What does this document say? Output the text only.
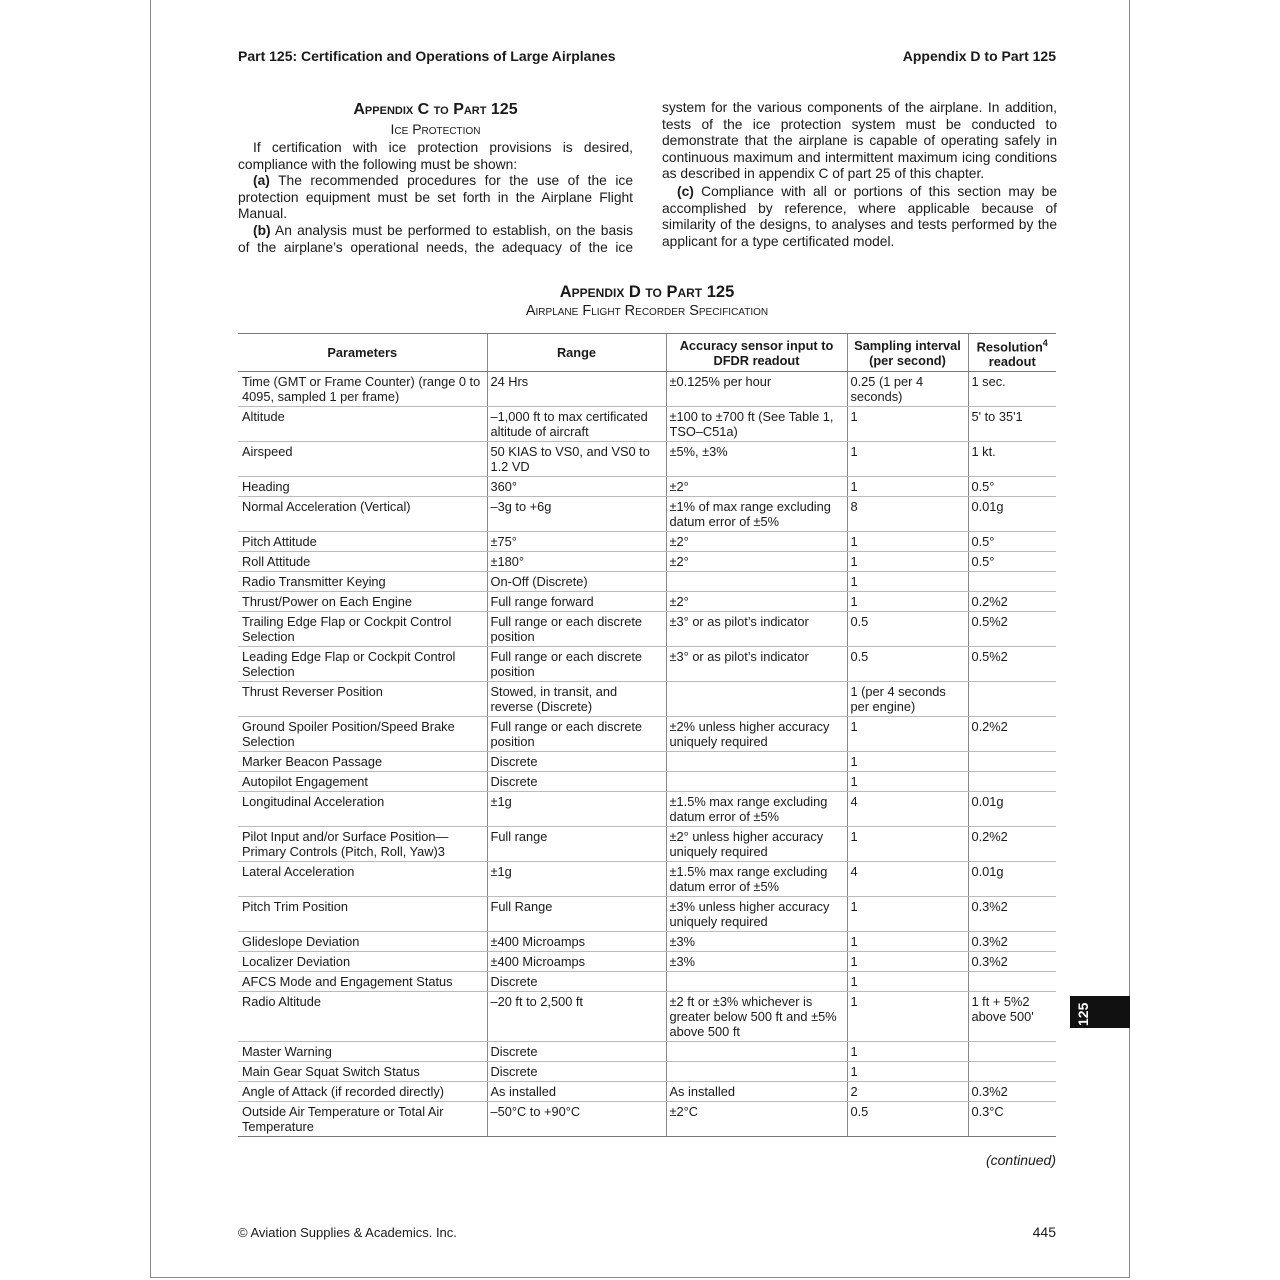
Part 125: Certification and Operations of Large Airplanes	Appendix D to Part 125
Appendix C to Part 125
Ice Protection

If certification with ice protection provisions is desired, compliance with the following must be shown:

(a) The recommended procedures for the use of the ice protection equipment must be set forth in the Airplane Flight Manual.

(b) An analysis must be performed to establish, on the basis of the airplane’s operational needs, the adequacy of the ice

system for the various components of the airplane. In addition, tests of the ice protection system must be conducted to demonstrate that the airplane is capable of operating safely in continuous maximum and intermittent maximum icing conditions as described in appendix C of part 25 of this chapter.

(c) Compliance with all or portions of this section may be accomplished by reference, where applicable because of similarity of the designs, to analyses and tests performed by the applicant for a type certificated model.

Appendix D to Part 125
Airplane Flight Recorder Specification
Parameters	Range	Accuracy sensor input to DFDR readout	Sampling interval (per second)	Resolution$^4$
readout
Time (GMT or Frame Counter) (range 0 to 4095, sampled 1 per frame)	24 Hrs	±0.125% per hour	0.25 (1 per 4 seconds)	1 sec.
Altitude	–1,000 ft to max certificated altitude of aircraft	±100 to ±700 ft (See Table 1, TSO–C51a)	1	5' to 35'1
Airspeed	50 KIAS to VS0, and VS0 to 1.2 VD	±5%, ±3%	1	1 kt.
Heading	360°	±2°	1	0.5°
Normal Acceleration (Vertical)	–3g to +6g	±1% of max range excluding datum error of ±5%	8	0.01g
Pitch Attitude	±75°	±2°	1	0.5°
Roll Attitude	±180°	±2°	1	0.5°
Radio Transmitter Keying	On-Off (Discrete)		1	
Thrust/Power on Each Engine	Full range forward	±2°	1	0.2%2
Trailing Edge Flap or Cockpit Control Selection	Full range or each discrete position	±3° or as pilot’s indicator	0.5	0.5%2
Leading Edge Flap or Cockpit Control Selection	Full range or each discrete position	±3° or as pilot’s indicator	0.5	0.5%2
Thrust Reverser Position	Stowed, in transit, and reverse (Discrete)		1 (per 4 seconds per engine)	
Ground Spoiler Position/Speed Brake Selection	Full range or each discrete position	±2% unless higher accuracy uniquely required	1	0.2%2
Marker Beacon Passage	Discrete		1	
Autopilot Engagement	Discrete		1	
Longitudinal Acceleration	±1g	±1.5% max range excluding datum error of ±5%	4	0.01g
Pilot Input and/or Surface Position— Primary Controls (Pitch, Roll, Yaw)3	Full range	±2° unless higher accuracy uniquely required	1	0.2%2
Lateral Acceleration	±1g	±1.5% max range excluding datum error of ±5%	4	0.01g
Pitch Trim Position	Full Range	±3% unless higher accuracy uniquely required	1	0.3%2
Glideslope Deviation	±400 Microamps	±3%	1	0.3%2
Localizer Deviation	±400 Microamps	±3%	1	0.3%2
AFCS Mode and Engagement Status	Discrete		1	
Radio Altitude	–20 ft to 2,500 ft	±2 ft or ±3% whichever is greater below 500 ft and ±5% above 500 ft	1	1 ft + 5%2 above 500'
Master Warning	Discrete		1	
Main Gear Squat Switch Status	Discrete		1	
Angle of Attack (if recorded directly)	As installed	As installed	2	0.3%2
Outside Air Temperature or Total Air Temperature	–50°C to +90°C	±2°C	0.5	0.3°C
(continued)
© Aviation Supplies & Academics. Inc.	445
125
